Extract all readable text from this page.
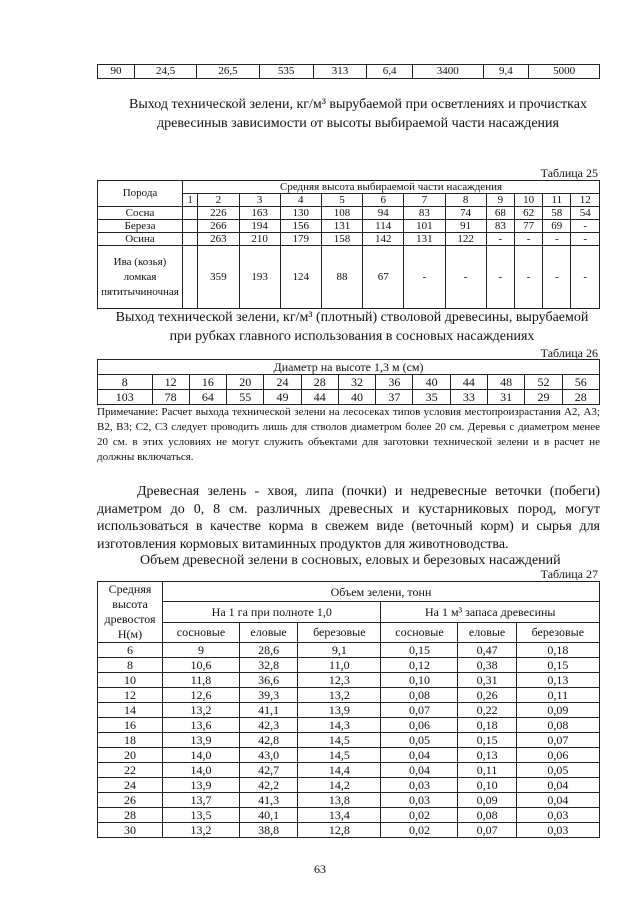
90	24,5	26,5	535	313	6,4	3400	9,4	5000
Выход технической зелени, кг/м³ вырубаемой при осветлениях и прочистках древесиныв зависимости от высоты выбираемой части насаждения
Таблица 25
Порода	Средняя высота выбираемой части насаждения											
	1	2	3	4	5	6	7	8	9	10	11	12
Сосна		226	163	130	108	94	83	74	68	62	58	54
Береза		266	194	156	131	114	101	91	83	77	69	-
Осина		263	210	179	158	142	131	122	-	-	-	-
Ива (козья) ломкая пятитычиночная		359	193	124	88	67	-	-	-	-	-	-
Выход технической зелени, кг/м³ (плотный) стволовой древесины, вырубаемой при рубках главного использования в сосновых насаждениях
Таблица 26
Диаметр на высоте 1,3 м (см)												
8	12	16	20	24	28	32	36	40	44	48	52	56
103	78	64	55	49	44	40	37	35	33	31	29	28
Примечание: Расчет выхода технической зелени на лесосеках типов условия местопроизрастания А2, А3; В2, В3; С2, С3 следует проводить лишь для стволов диаметром более 20 см. Деревья с диаметром менее 20 см. в этих условиях не могут служить объектами для заготовки технической зелени и в расчет не должны включаться.
Древесная зелень - хвоя, липа (почки) и недревесные веточки (побеги) диаметром до 0, 8 см. различных древесных и кустарниковых пород, могут использоваться в качестве корма в свежем виде (веточный корм) и сырья для изготовления кормовых витаминных продуктов для животноводства.
Объем древесной зелени в сосновых, еловых и березовых насаждений
Таблица 27
Средняя высота древостоя Н(м)	Объем зелени, тонн					
	На 1 га при полноте 1,0			На 1 м³ запаса древесины		
	сосновые	еловые	березовые	сосновые	еловые	березовые
6	9	28,6	9,1	0,15	0,47	0,18
8	10,6	32,8	11,0	0,12	0,38	0,15
10	11,8	36,6	12,3	0,10	0,31	0,13
12	12,6	39,3	13,2	0,08	0,26	0,11
14	13,2	41,1	13,9	0,07	0,22	0,09
16	13,6	42,3	14,3	0,06	0,18	0,08
18	13,9	42,8	14,5	0,05	0,15	0,07
20	14,0	43,0	14,5	0,04	0,13	0,06
22	14,0	42,7	14,4	0,04	0,11	0,05
24	13,9	42,2	14,2	0,03	0,10	0,04
26	13,7	41,3	13,8	0,03	0,09	0,04
28	13,5	40,1	13,4	0,02	0,08	0,03
30	13,2	38,8	12,8	0,02	0,07	0,03
63
